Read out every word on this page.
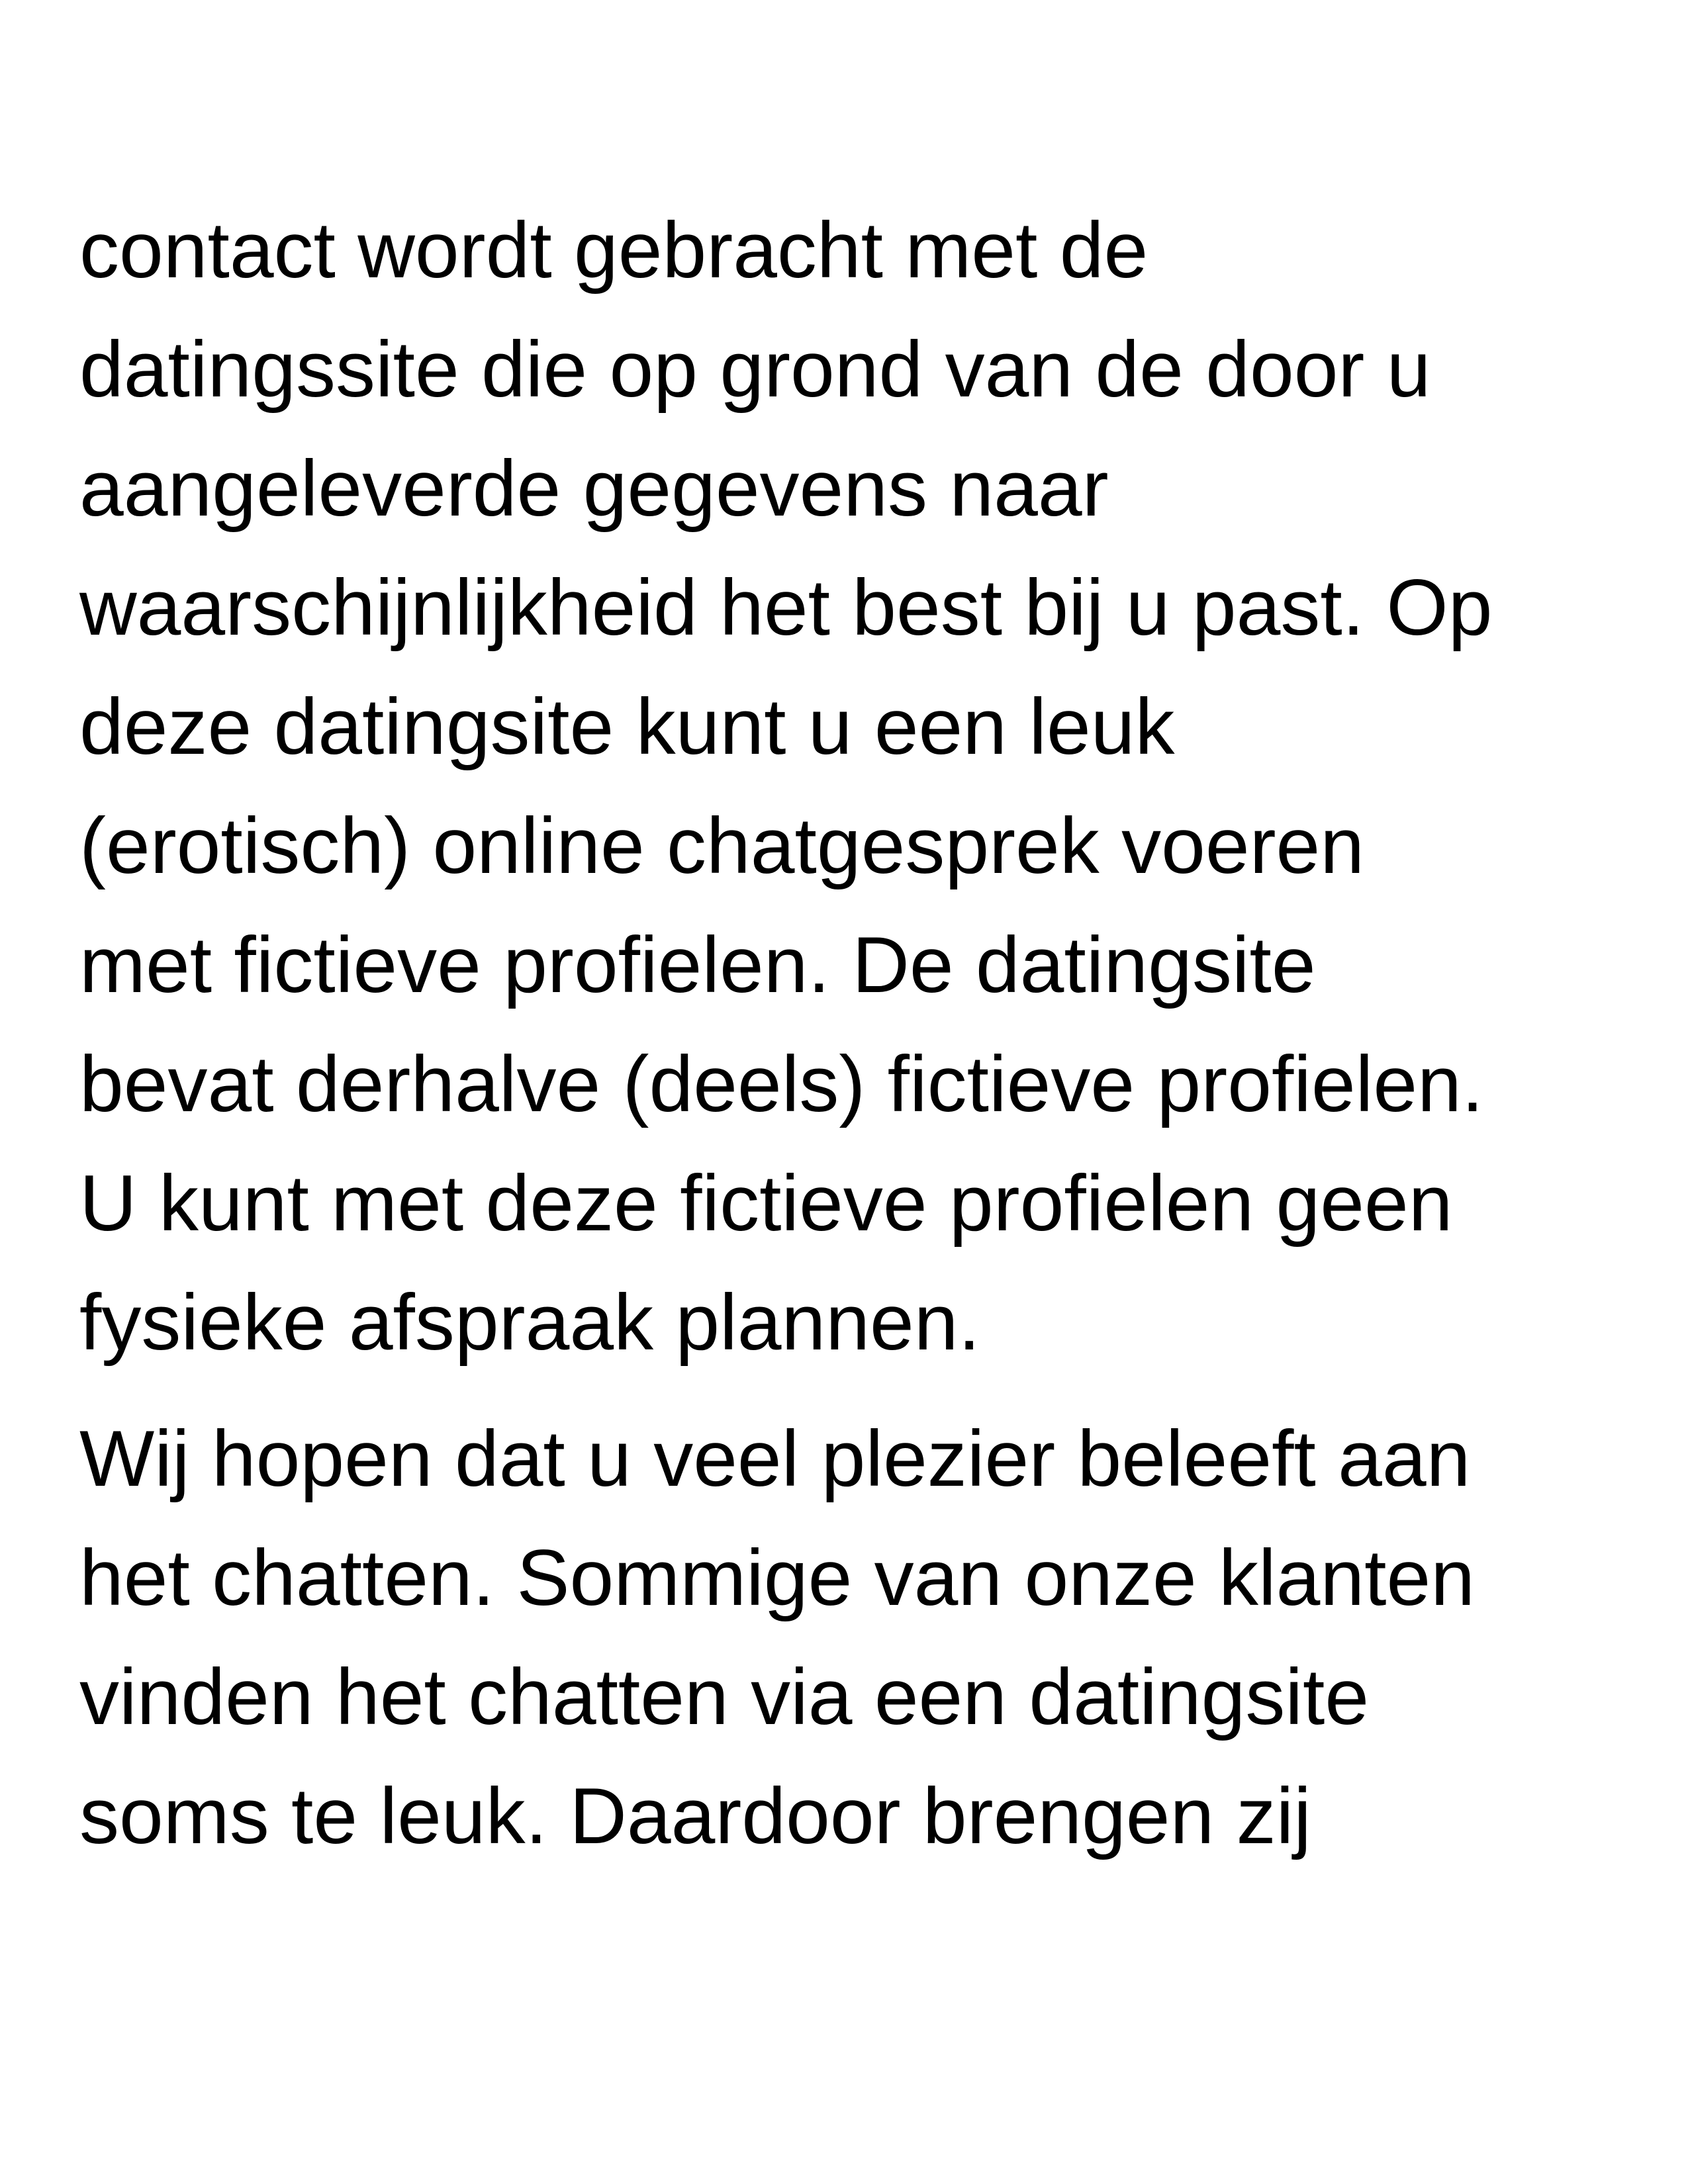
contact wordt gebracht met de
datingssite die op grond van de door u
aangeleverde gegevens naar
waarschijnlijkheid het best bij u past. Op
deze datingsite kunt u een leuk
(erotisch) online chatgesprek voeren
met fictieve profielen. De datingsite
bevat derhalve (deels) fictieve profielen.
U kunt met deze fictieve profielen geen
fysieke afspraak plannen.
Wij hopen dat u veel plezier beleeft aan
het chatten. Sommige van onze klanten
vinden het chatten via een datingsite
soms te leuk. Daardoor brengen zij
